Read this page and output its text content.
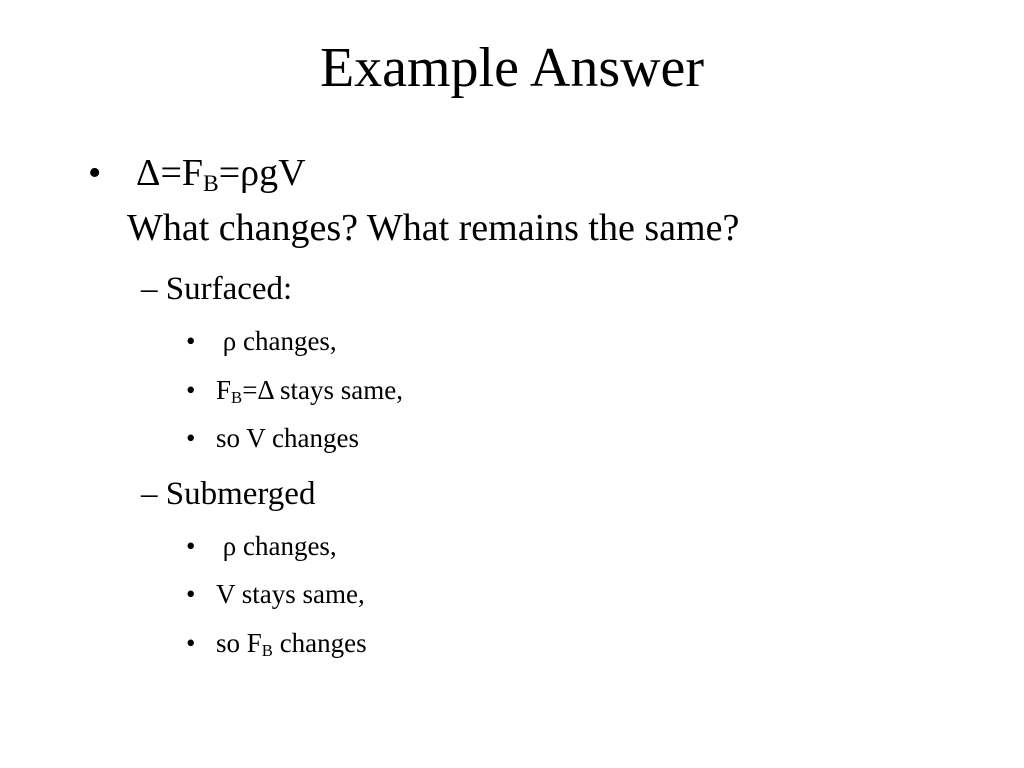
Example Answer
• $\Delta=F_B=\rho gV$
What changes? What remains the same?
– Surfaced:
• ρ changes,
• $F_B=\Delta$ stays same,
• so V changes
– Submerged
• ρ changes,
• V stays same,
• so $F_B$ changes
